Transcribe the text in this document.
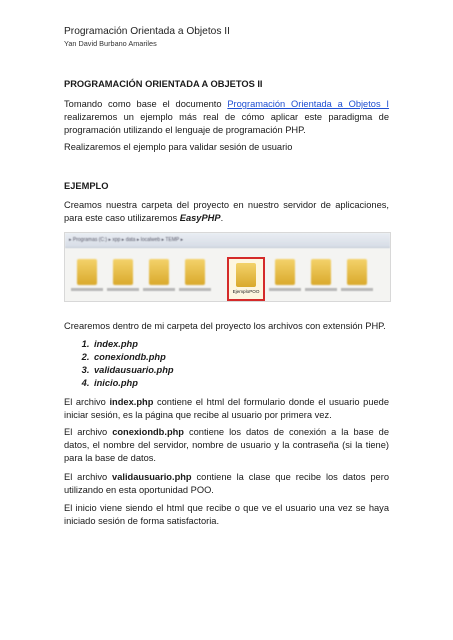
Programación Orientada a Objetos II
Yan David Burbano Amariles
PROGRAMACIÓN ORIENTADA A OBJETOS II
Tomando como base el documento Programación Orientada a Objetos I realizaremos un ejemplo más real de cómo aplicar este paradigma de programación utilizando el lenguaje de programación PHP.
Realizaremos el ejemplo para validar sesión de usuario
EJEMPLO
Creamos nuestra carpeta del proyecto en nuestro servidor de aplicaciones, para este caso utilizaremos EasyPHP.
▸ Programas (C:) ▸ xpp ▸ data ▸ localweb ▸ TEMP ▸
EjemploPOO
Crearemos dentro de mi carpeta del proyecto los archivos con extensión PHP.
1. index.php
2. conexiondb.php
3. validausuario.php
4. inicio.php
El archivo index.php contiene el html del formulario donde el usuario puede iniciar sesión, es la página que recibe al usuario por primera vez.
El archivo conexiondb.php contiene los datos de conexión a la base de datos, el nombre del servidor, nombre de usuario y la contraseña (si la tiene) para la base de datos.
El archivo validausuario.php contiene la clase que recibe los datos pero utilizando en esta oportunidad POO.
El inicio viene siendo el html que recibe o que ve el usuario una vez se haya iniciado sesión de forma satisfactoria.
